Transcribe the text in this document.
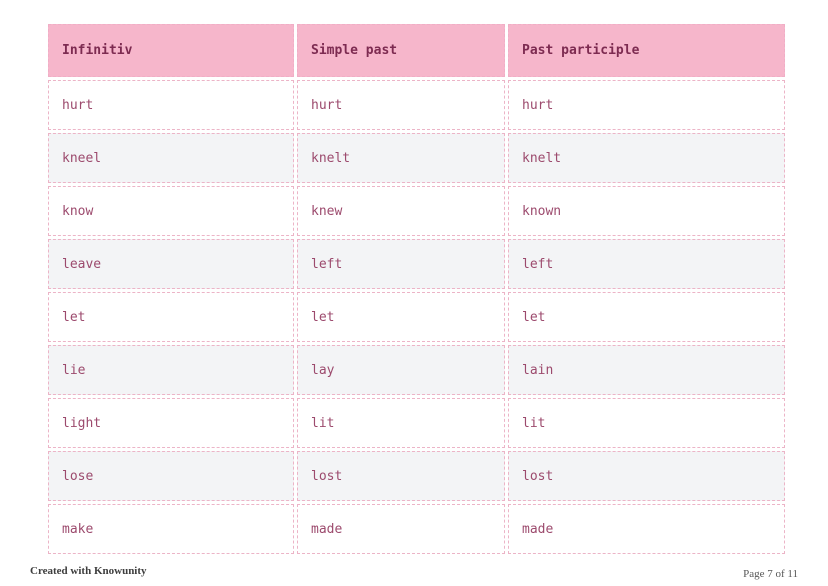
Infinitiv	Simple past	Past participle
hurt	hurt	hurt
kneel	knelt	knelt
know	knew	known
leave	left	left
let	let	let
lie	lay	lain
light	lit	lit
lose	lost	lost
make	made	made
Created with Knowunity	Page 7 of 11
